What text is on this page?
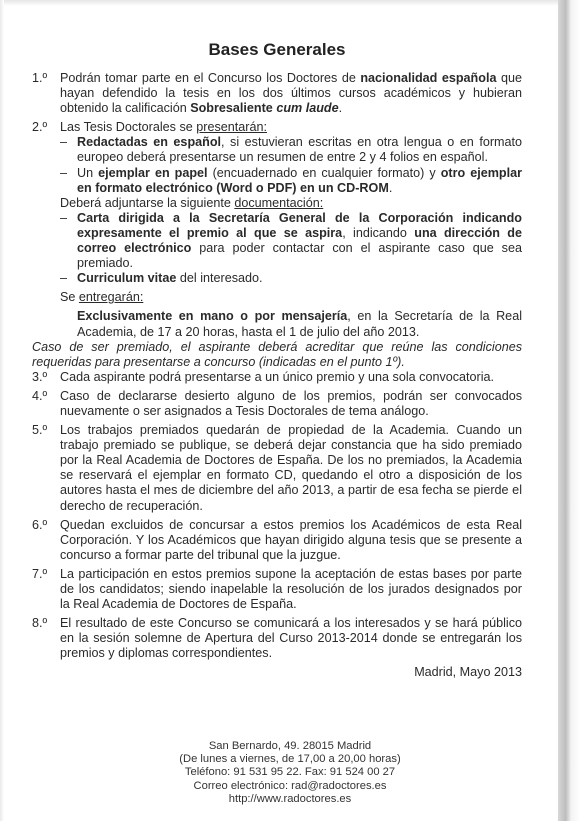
Bases Generales
1.º Podrán tomar parte en el Concurso los Doctores de nacionalidad española que hayan defendido la tesis en los dos últimos cursos académicos y hubieran obtenido la calificación Sobresaliente cum laude.
2.º Las Tesis Doctorales se presentarán:
– Redactadas en español, si estuvieran escritas en otra lengua o en formato europeo deberá presentarse un resumen de entre 2 y 4 folios en español.
– Un ejemplar en papel (encuadernado en cualquier formato) y otro ejemplar en formato electrónico (Word o PDF) en un CD-ROM.
Deberá adjuntarse la siguiente documentación:
– Carta dirigida a la Secretaría General de la Corporación indicando expresamente el premio al que se aspira, indicando una dirección de correo electrónico para poder contactar con el aspirante caso que sea premiado.
– Curriculum vitae del interesado.
Se entregarán:
Exclusivamente en mano o por mensajería, en la Secretaría de la Real Academia, de 17 a 20 horas, hasta el 1 de julio del año 2013.
Caso de ser premiado, el aspirante deberá acreditar que reúne las condiciones requeridas para presentarse a concurso (indicadas en el punto 1º).
3.º Cada aspirante podrá presentarse a un único premio y una sola convocatoria.
4.º Caso de declararse desierto alguno de los premios, podrán ser convocados nuevamente o ser asignados a Tesis Doctorales de tema análogo.
5.º Los trabajos premiados quedarán de propiedad de la Academia. Cuando un trabajo premiado se publique, se deberá dejar constancia que ha sido premiado por la Real Academia de Doctores de España. De los no premiados, la Academia se reservará el ejemplar en formato CD, quedando el otro a disposición de los autores hasta el mes de diciembre del año 2013, a partir de esa fecha se pierde el derecho de recuperación.
6.º Quedan excluidos de concursar a estos premios los Académicos de esta Real Corporación. Y los Académicos que hayan dirigido alguna tesis que se presente a concurso a formar parte del tribunal que la juzgue.
7.º La participación en estos premios supone la aceptación de estas bases por parte de los candidatos; siendo inapelable la resolución de los jurados designados por la Real Academia de Doctores de España.
8.º El resultado de este Concurso se comunicará a los interesados y se hará público en la sesión solemne de Apertura del Curso 2013-2014 donde se entregarán los premios y diplomas correspondientes.
Madrid, Mayo 2013
San Bernardo, 49. 28015 Madrid
(De lunes a viernes, de 17,00 a 20,00 horas)
Teléfono: 91 531 95 22. Fax: 91 524 00 27
Correo electrónico: rad@radoctores.es
http://www.radoctores.es
